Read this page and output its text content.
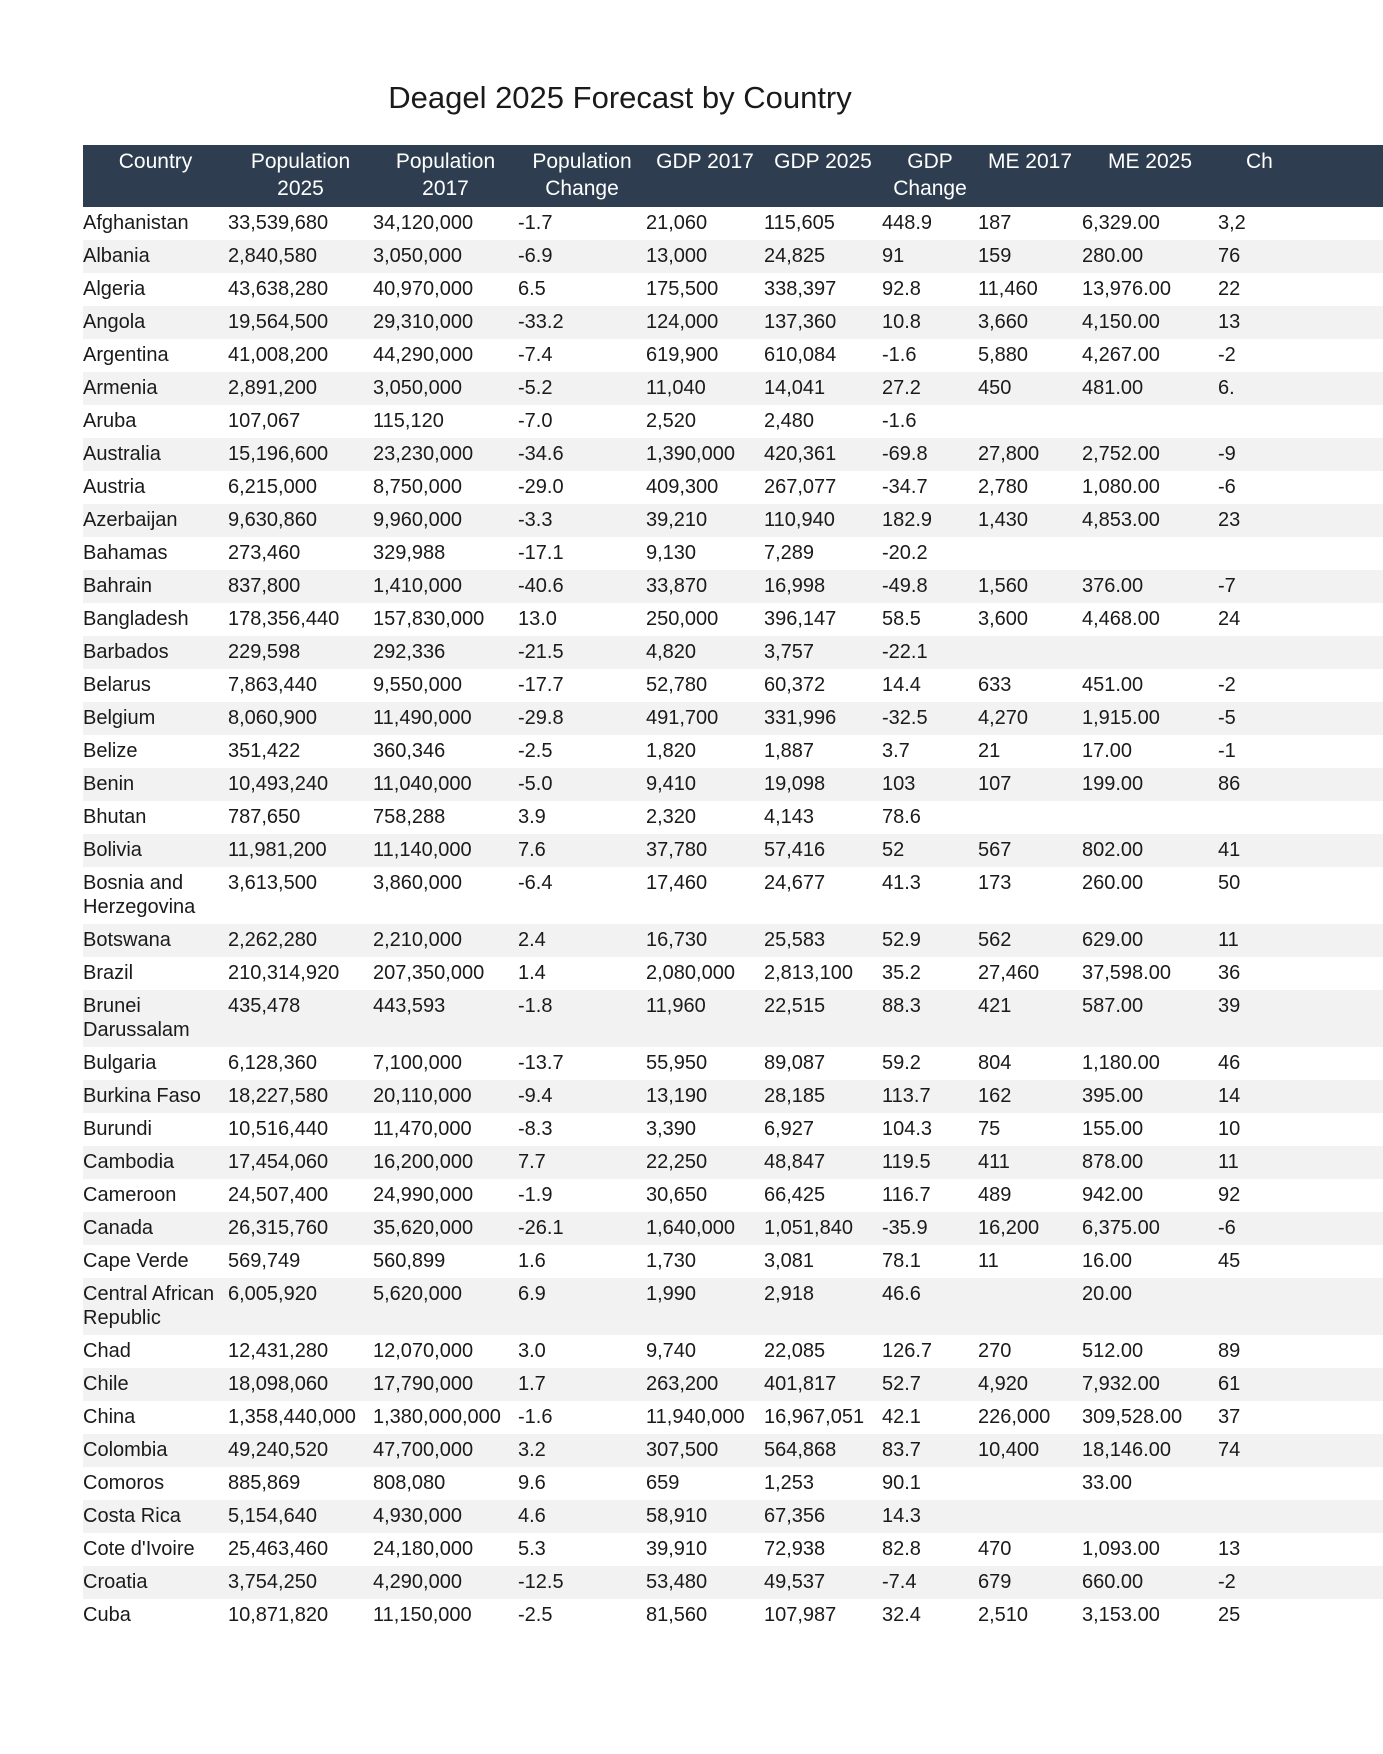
Deagel 2025 Forecast by Country
Country	Population 2025	Population 2017	Population Change	GDP 2017	GDP 2025	GDP Change	ME 2017	ME 2025	Ch
Afghanistan	33,539,680	34,120,000	-1.7	21,060	115,605	448.9	187	6,329.00	3,2
Albania	2,840,580	3,050,000	-6.9	13,000	24,825	91	159	280.00	76
Algeria	43,638,280	40,970,000	6.5	175,500	338,397	92.8	11,460	13,976.00	22
Angola	19,564,500	29,310,000	-33.2	124,000	137,360	10.8	3,660	4,150.00	13
Argentina	41,008,200	44,290,000	-7.4	619,900	610,084	-1.6	5,880	4,267.00	-2
Armenia	2,891,200	3,050,000	-5.2	11,040	14,041	27.2	450	481.00	6.
Aruba	107,067	115,120	-7.0	2,520	2,480	-1.6			
Australia	15,196,600	23,230,000	-34.6	1,390,000	420,361	-69.8	27,800	2,752.00	-9
Austria	6,215,000	8,750,000	-29.0	409,300	267,077	-34.7	2,780	1,080.00	-6
Azerbaijan	9,630,860	9,960,000	-3.3	39,210	110,940	182.9	1,430	4,853.00	23
Bahamas	273,460	329,988	-17.1	9,130	7,289	-20.2			
Bahrain	837,800	1,410,000	-40.6	33,870	16,998	-49.8	1,560	376.00	-7
Bangladesh	178,356,440	157,830,000	13.0	250,000	396,147	58.5	3,600	4,468.00	24
Barbados	229,598	292,336	-21.5	4,820	3,757	-22.1			
Belarus	7,863,440	9,550,000	-17.7	52,780	60,372	14.4	633	451.00	-2
Belgium	8,060,900	11,490,000	-29.8	491,700	331,996	-32.5	4,270	1,915.00	-5
Belize	351,422	360,346	-2.5	1,820	1,887	3.7	21	17.00	-1
Benin	10,493,240	11,040,000	-5.0	9,410	19,098	103	107	199.00	86
Bhutan	787,650	758,288	3.9	2,320	4,143	78.6			
Bolivia	11,981,200	11,140,000	7.6	37,780	57,416	52	567	802.00	41
Bosnia and Herzegovina	3,613,500	3,860,000	-6.4	17,460	24,677	41.3	173	260.00	50
Botswana	2,262,280	2,210,000	2.4	16,730	25,583	52.9	562	629.00	11
Brazil	210,314,920	207,350,000	1.4	2,080,000	2,813,100	35.2	27,460	37,598.00	36
Brunei Darussalam	435,478	443,593	-1.8	11,960	22,515	88.3	421	587.00	39
Bulgaria	6,128,360	7,100,000	-13.7	55,950	89,087	59.2	804	1,180.00	46
Burkina Faso	18,227,580	20,110,000	-9.4	13,190	28,185	113.7	162	395.00	14
Burundi	10,516,440	11,470,000	-8.3	3,390	6,927	104.3	75	155.00	10
Cambodia	17,454,060	16,200,000	7.7	22,250	48,847	119.5	411	878.00	11
Cameroon	24,507,400	24,990,000	-1.9	30,650	66,425	116.7	489	942.00	92
Canada	26,315,760	35,620,000	-26.1	1,640,000	1,051,840	-35.9	16,200	6,375.00	-6
Cape Verde	569,749	560,899	1.6	1,730	3,081	78.1	11	16.00	45
Central African Republic	6,005,920	5,620,000	6.9	1,990	2,918	46.6		20.00	
Chad	12,431,280	12,070,000	3.0	9,740	22,085	126.7	270	512.00	89
Chile	18,098,060	17,790,000	1.7	263,200	401,817	52.7	4,920	7,932.00	61
China	1,358,440,000	1,380,000,000	-1.6	11,940,000	16,967,051	42.1	226,000	309,528.00	37
Colombia	49,240,520	47,700,000	3.2	307,500	564,868	83.7	10,400	18,146.00	74
Comoros	885,869	808,080	9.6	659	1,253	90.1		33.00	
Costa Rica	5,154,640	4,930,000	4.6	58,910	67,356	14.3			
Cote d'Ivoire	25,463,460	24,180,000	5.3	39,910	72,938	82.8	470	1,093.00	13
Croatia	3,754,250	4,290,000	-12.5	53,480	49,537	-7.4	679	660.00	-2
Cuba	10,871,820	11,150,000	-2.5	81,560	107,987	32.4	2,510	3,153.00	25
